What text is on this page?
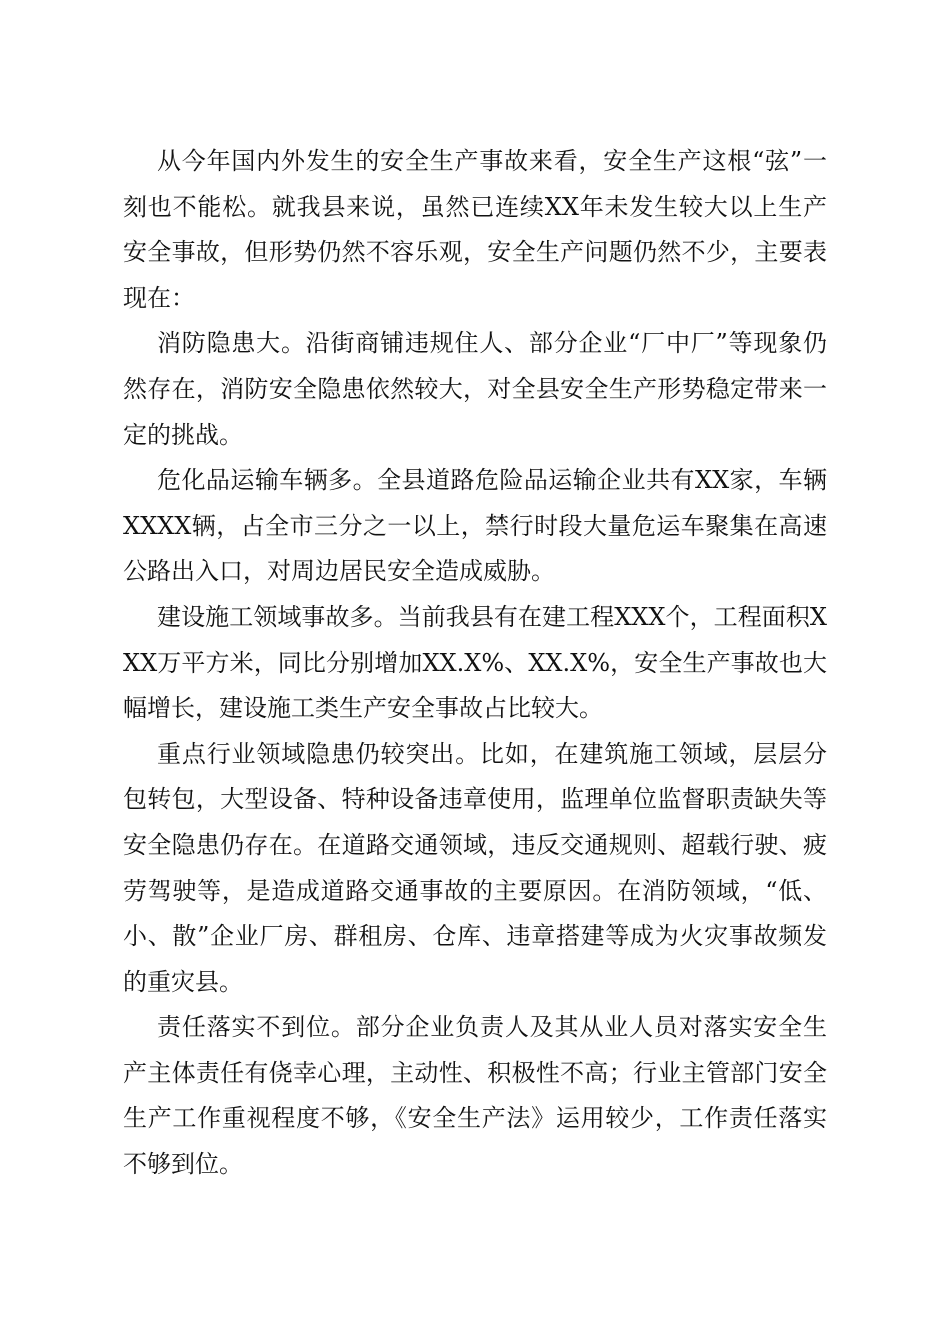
从今年国内外发生的安全生产事故来看，安全生产这根“弦”一刻也不能松。就我县来说，虽然已连续XX年未发生较大以上生产安全事故，但形势仍然不容乐观，安全生产问题仍然不少，主要表现在：

消防隐患大。沿街商铺违规住人、部分企业“厂中厂”等现象仍然存在，消防安全隐患依然较大，对全县安全生产形势稳定带来一定的挑战。

危化品运输车辆多。全县道路危险品运输企业共有XX家，车辆XXXX辆，占全市三分之一以上，禁行时段大量危运车聚集在高速公路出入口，对周边居民安全造成威胁。

建设施工领域事故多。当前我县有在建工程XXX个，工程面积XXX万平方米，同比分别增加XX.X%、XX.X%，安全生产事故也大幅增长，建设施工类生产安全事故占比较大。

重点行业领域隐患仍较突出。比如，在建筑施工领域，层层分包转包，大型设备、特种设备违章使用，监理单位监督职责缺失等安全隐患仍存在。在道路交通领域，违反交通规则、超载行驶、疲劳驾驶等，是造成道路交通事故的主要原因。在消防领域，“低、小、散”企业厂房、群租房、仓库、违章搭建等成为火灾事故频发的重灾县。

责任落实不到位。部分企业负责人及其从业人员对落实安全生产主体责任有侥幸心理，主动性、积极性不高；行业主管部门安全生产工作重视程度不够，《安全生产法》运用较少，工作责任落实不够到位。
